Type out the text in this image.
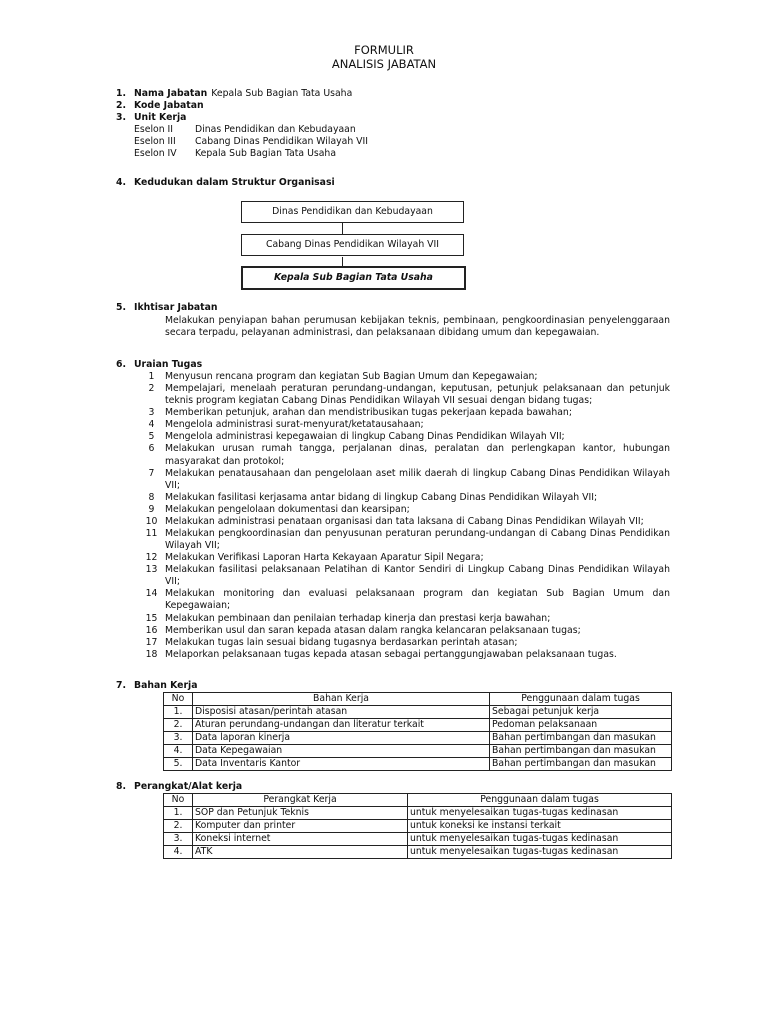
FORMULIR
ANALISIS JABATAN
1. Nama Jabatan Kepala Sub Bagian Tata Usaha
2. Kode Jabatan
3. Unit Kerja
Eselon II	Dinas Pendidikan dan Kebudayaan
Eselon III	Cabang Dinas Pendidikan Wilayah VII
Eselon IV	Kepala Sub Bagian Tata Usaha
4. Kedudukan dalam Struktur Organisasi
Dinas Pendidikan dan Kebudayaan
Cabang Dinas Pendidikan Wilayah VII
Kepala Sub Bagian Tata Usaha
5. Ikhtisar Jabatan
Melakukan penyiapan bahan perumusan kebijakan teknis, pembinaan, pengkoordinasian penyelenggaraan secara terpadu, pelayanan administrasi, dan pelaksanaan dibidang umum dan kepegawaian.
6. Uraian Tugas
1	Menyusun rencana program dan kegiatan Sub Bagian Umum dan Kepegawaian;
2	Mempelajari, menelaah peraturan perundang-undangan, keputusan, petunjuk pelaksanaan dan petunjuk teknis program kegiatan Cabang Dinas Pendidikan Wilayah VII sesuai dengan bidang tugas;
3	Memberikan petunjuk, arahan dan mendistribusikan tugas pekerjaan kepada bawahan;
4	Mengelola administrasi surat-menyurat/ketatausahaan;
5	Mengelola administrasi kepegawaian di lingkup Cabang Dinas Pendidikan Wilayah VII;
6	Melakukan urusan rumah tangga, perjalanan dinas, peralatan dan perlengkapan kantor, hubungan masyarakat dan protokol;
7	Melakukan penatausahaan dan pengelolaan aset milik daerah di lingkup Cabang Dinas Pendidikan Wilayah VII;
8	Melakukan fasilitasi kerjasama antar bidang di lingkup Cabang Dinas Pendidikan Wilayah VII;
9	Melakukan pengelolaan dokumentasi dan kearsipan;
10 Melakukan administrasi penataan organisasi dan tata laksana di Cabang Dinas Pendidikan Wilayah VII;
11 Melakukan pengkoordinasian dan penyusunan peraturan perundang-undangan di Cabang Dinas Pendidikan Wilayah VII;
12 Melakukan Verifikasi Laporan Harta Kekayaan Aparatur Sipil Negara;
13 Melakukan fasilitasi pelaksanaan Pelatihan di Kantor Sendiri di Lingkup Cabang Dinas Pendidikan Wilayah VII;
14 Melakukan monitoring dan evaluasi pelaksanaan program dan kegiatan Sub Bagian Umum dan Kepegawaian;
15 Melakukan pembinaan dan penilaian terhadap kinerja dan prestasi kerja bawahan;
16 Memberikan usul dan saran kepada atasan dalam rangka kelancaran pelaksanaan tugas;
17 Melakukan tugas lain sesuai bidang tugasnya berdasarkan perintah atasan;
18 Melaporkan pelaksanaan tugas kepada atasan sebagai pertanggungjawaban pelaksanaan tugas.
7. Bahan Kerja
No	Bahan Kerja	Penggunaan dalam tugas
1.	Disposisi atasan/perintah atasan	Sebagai petunjuk kerja
2.	Aturan perundang-undangan dan literatur terkait	Pedoman pelaksanaan
3.	Data laporan kinerja	Bahan pertimbangan dan masukan
4.	Data Kepegawaian	Bahan pertimbangan dan masukan
5.	Data Inventaris Kantor	Bahan pertimbangan dan masukan
8. Perangkat/Alat kerja
No	Perangkat Kerja	Penggunaan dalam tugas
1.	SOP dan Petunjuk Teknis	untuk menyelesaikan tugas-tugas kedinasan
2.	Komputer dan printer	untuk koneksi ke instansi terkait
3.	Koneksi internet	untuk menyelesaikan tugas-tugas kedinasan
4.	ATK	untuk menyelesaikan tugas-tugas kedinasan
